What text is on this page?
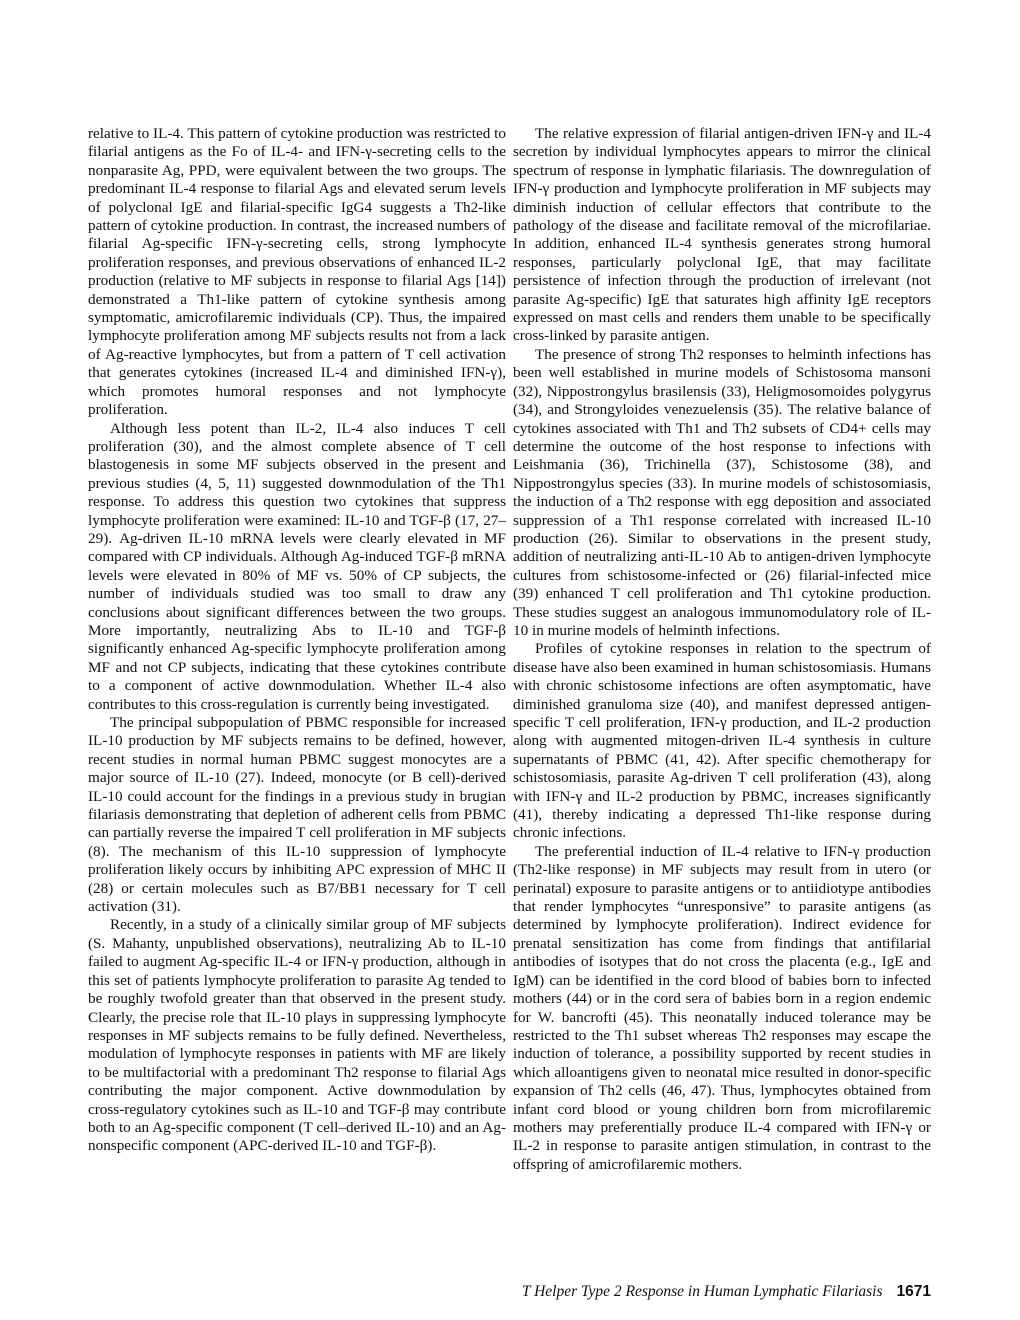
relative to IL-4. This pattern of cytokine production was restricted to filarial antigens as the Fo of IL-4- and IFN-γ-secreting cells to the nonparasite Ag, PPD, were equivalent between the two groups. The predominant IL-4 response to filarial Ags and elevated serum levels of polyclonal IgE and filarial-specific IgG4 suggests a Th2-like pattern of cytokine production. In contrast, the increased numbers of filarial Ag-specific IFN-γ-secreting cells, strong lymphocyte proliferation responses, and previous observations of enhanced IL-2 production (relative to MF subjects in response to filarial Ags [14]) demonstrated a Th1-like pattern of cytokine synthesis among symptomatic, amicrofilaremic individuals (CP). Thus, the impaired lymphocyte proliferation among MF subjects results not from a lack of Ag-reactive lymphocytes, but from a pattern of T cell activation that generates cytokines (increased IL-4 and diminished IFN-γ), which promotes humoral responses and not lymphocyte proliferation.

Although less potent than IL-2, IL-4 also induces T cell proliferation (30), and the almost complete absence of T cell blastogenesis in some MF subjects observed in the present and previous studies (4, 5, 11) suggested downmodulation of the Th1 response. To address this question two cytokines that suppress lymphocyte proliferation were examined: IL-10 and TGF-β (17, 27–29). Ag-driven IL-10 mRNA levels were clearly elevated in MF compared with CP individuals. Although Ag-induced TGF-β mRNA levels were elevated in 80% of MF vs. 50% of CP subjects, the number of individuals studied was too small to draw any conclusions about significant differences between the two groups. More importantly, neutralizing Abs to IL-10 and TGF-β significantly enhanced Ag-specific lymphocyte proliferation among MF and not CP subjects, indicating that these cytokines contribute to a component of active downmodulation. Whether IL-4 also contributes to this cross-regulation is currently being investigated.

The principal subpopulation of PBMC responsible for increased IL-10 production by MF subjects remains to be defined, however, recent studies in normal human PBMC suggest monocytes are a major source of IL-10 (27). Indeed, monocyte (or B cell)-derived IL-10 could account for the findings in a previous study in brugian filariasis demonstrating that depletion of adherent cells from PBMC can partially reverse the impaired T cell proliferation in MF subjects (8). The mechanism of this IL-10 suppression of lymphocyte proliferation likely occurs by inhibiting APC expression of MHC II (28) or certain molecules such as B7/BB1 necessary for T cell activation (31).

Recently, in a study of a clinically similar group of MF subjects (S. Mahanty, unpublished observations), neutralizing Ab to IL-10 failed to augment Ag-specific IL-4 or IFN-γ production, although in this set of patients lymphocyte proliferation to parasite Ag tended to be roughly twofold greater than that observed in the present study. Clearly, the precise role that IL-10 plays in suppressing lymphocyte responses in MF subjects remains to be fully defined. Nevertheless, modulation of lymphocyte responses in patients with MF are likely to be multifactorial with a predominant Th2 response to filarial Ags contributing the major component. Active downmodulation by cross-regulatory cytokines such as IL-10 and TGF-β may contribute both to an Ag-specific component (T cell–derived IL-10) and an Ag-nonspecific component (APC-derived IL-10 and TGF-β).

The relative expression of filarial antigen-driven IFN-γ and IL-4 secretion by individual lymphocytes appears to mirror the clinical spectrum of response in lymphatic filariasis. The downregulation of IFN-γ production and lymphocyte proliferation in MF subjects may diminish induction of cellular effectors that contribute to the pathology of the disease and facilitate removal of the microfilariae. In addition, enhanced IL-4 synthesis generates strong humoral responses, particularly polyclonal IgE, that may facilitate persistence of infection through the production of irrelevant (not parasite Ag-specific) IgE that saturates high affinity IgE receptors expressed on mast cells and renders them unable to be specifically cross-linked by parasite antigen.

The presence of strong Th2 responses to helminth infections has been well established in murine models of Schistosoma mansoni (32), Nippostrongylus brasilensis (33), Heligmosomoides polygyrus (34), and Strongyloides venezuelensis (35). The relative balance of cytokines associated with Th1 and Th2 subsets of CD4+ cells may determine the outcome of the host response to infections with Leishmania (36), Trichinella (37), Schistosome (38), and Nippostrongylus species (33). In murine models of schistosomiasis, the induction of a Th2 response with egg deposition and associated suppression of a Th1 response correlated with increased IL-10 production (26). Similar to observations in the present study, addition of neutralizing anti-IL-10 Ab to antigen-driven lymphocyte cultures from schistosome-infected or (26) filarial-infected mice (39) enhanced T cell proliferation and Th1 cytokine production. These studies suggest an analogous immunomodulatory role of IL-10 in murine models of helminth infections.

Profiles of cytokine responses in relation to the spectrum of disease have also been examined in human schistosomiasis. Humans with chronic schistosome infections are often asymptomatic, have diminished granuloma size (40), and manifest depressed antigen-specific T cell proliferation, IFN-γ production, and IL-2 production along with augmented mitogen-driven IL-4 synthesis in culture supernatants of PBMC (41, 42). After specific chemotherapy for schistosomiasis, parasite Ag-driven T cell proliferation (43), along with IFN-γ and IL-2 production by PBMC, increases significantly (41), thereby indicating a depressed Th1-like response during chronic infections.

The preferential induction of IL-4 relative to IFN-γ production (Th2-like response) in MF subjects may result from in utero (or perinatal) exposure to parasite antigens or to antiidiotype antibodies that render lymphocytes “unresponsive” to parasite antigens (as determined by lymphocyte proliferation). Indirect evidence for prenatal sensitization has come from findings that antifilarial antibodies of isotypes that do not cross the placenta (e.g., IgE and IgM) can be identified in the cord blood of babies born to infected mothers (44) or in the cord sera of babies born in a region endemic for W. bancrofti (45). This neonatally induced tolerance may be restricted to the Th1 subset whereas Th2 responses may escape the induction of tolerance, a possibility supported by recent studies in which alloantigens given to neonatal mice resulted in donor-specific expansion of Th2 cells (46, 47). Thus, lymphocytes obtained from infant cord blood or young children born from microfilaremic mothers may preferentially produce IL-4 compared with IFN-γ or IL-2 in response to parasite antigen stimulation, in contrast to the offspring of amicrofilaremic mothers.

T Helper Type 2 Response in Human Lymphatic Filariasis 1671
